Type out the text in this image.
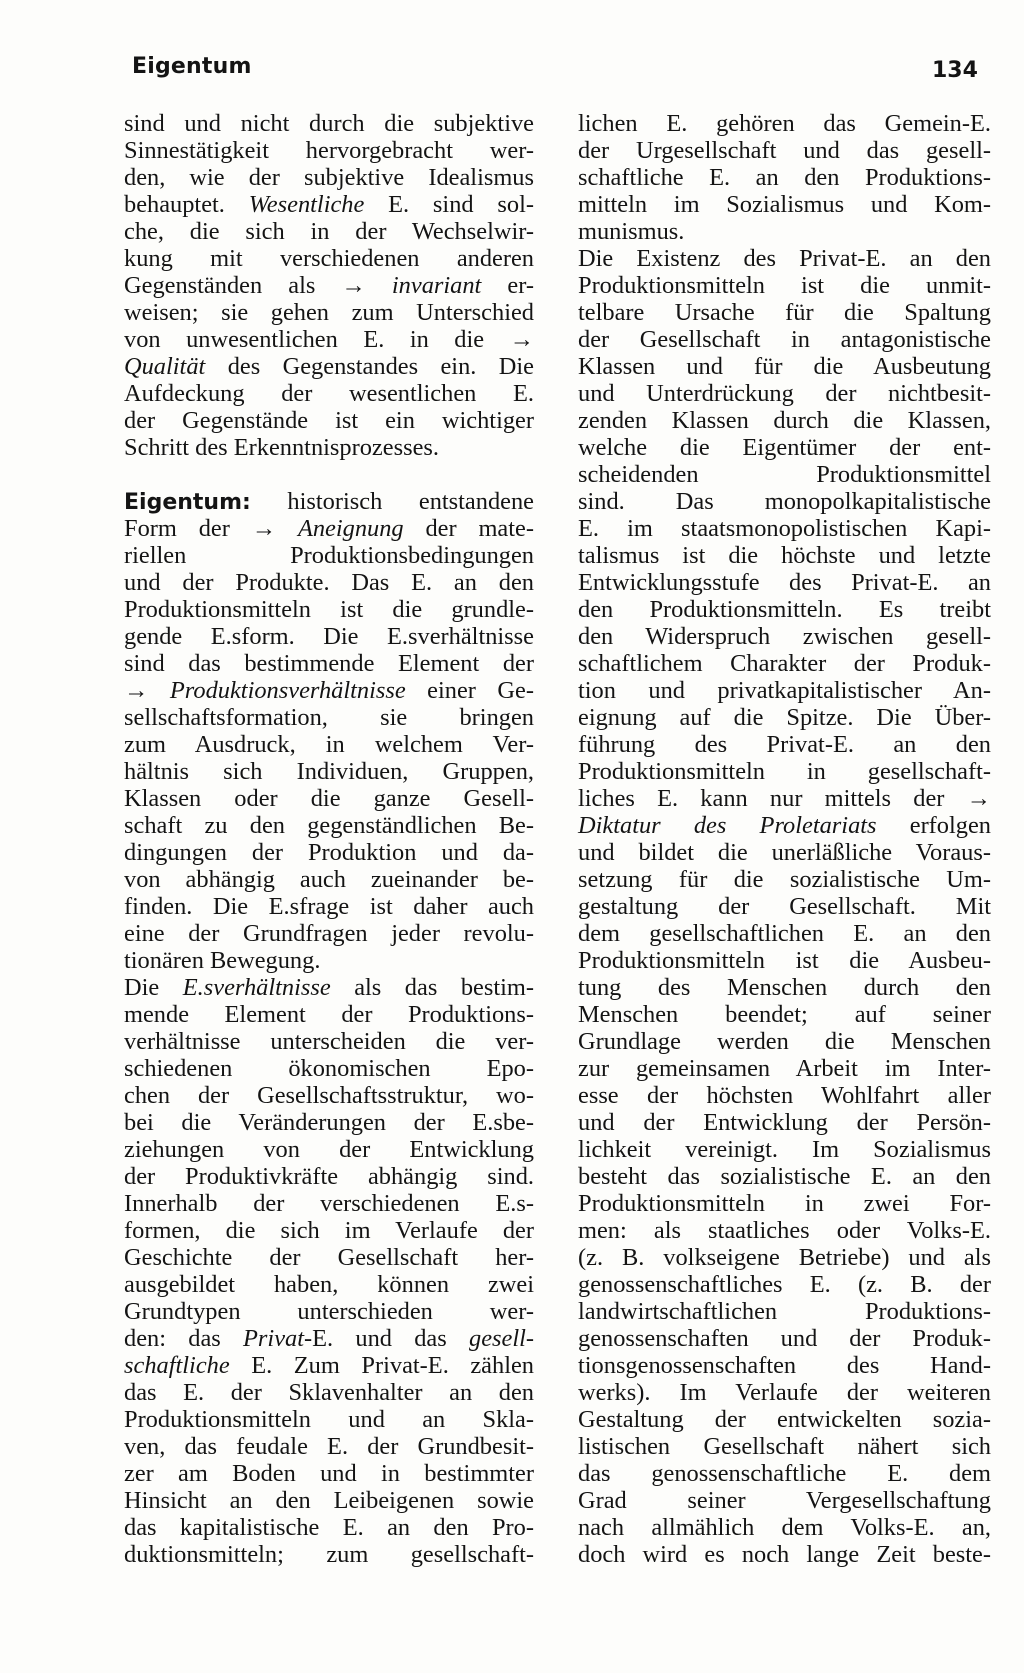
Eigentum	134
sind und nicht durch die subjektive
Sinnestätigkeit hervorgebracht wer-
den, wie der subjektive Idealismus
behauptet. Wesentliche E. sind sol-
che, die sich in der Wechselwir-
kung mit verschiedenen anderen
Gegenständen als → invariant er-
weisen; sie gehen zum Unterschied
von unwesentlichen E. in die →
Qualität des Gegenstandes ein. Die
Aufdeckung der wesentlichen E.
der Gegenstände ist ein wichtiger
Schritt des Erkenntnisprozesses.
Eigentum: historisch entstandene
Form der → Aneignung der mate-
riellen Produktionsbedingungen
und der Produkte. Das E. an den
Produktionsmitteln ist die grundle-
gende E.sform. Die E.sverhältnisse
sind das bestimmende Element der
→ Produktionsverhältnisse einer Ge-
sellschaftsformation, sie bringen
zum Ausdruck, in welchem Ver-
hältnis sich Individuen, Gruppen,
Klassen oder die ganze Gesell-
schaft zu den gegenständlichen Be-
dingungen der Produktion und da-
von abhängig auch zueinander be-
finden. Die E.sfrage ist daher auch
eine der Grundfragen jeder revolu-
tionären Bewegung.
Die E.sverhältnisse als das bestim-
mende Element der Produktions-
verhältnisse unterscheiden die ver-
schiedenen ökonomischen Epo-
chen der Gesellschaftsstruktur, wo-
bei die Veränderungen der E.sbe-
ziehungen von der Entwicklung
der Produktivkräfte abhängig sind.
Innerhalb der verschiedenen E.s-
formen, die sich im Verlaufe der
Geschichte der Gesellschaft her-
ausgebildet haben, können zwei
Grundtypen unterschieden wer-
den: das Privat-E. und das gesell-
schaftliche E. Zum Privat-E. zählen
das E. der Sklavenhalter an den
Produktionsmitteln und an Skla-
ven, das feudale E. der Grundbesit-
zer am Boden und in bestimmter
Hinsicht an den Leibeigenen sowie
das kapitalistische E. an den Pro-
duktionsmitteln; zum gesellschaft-
lichen E. gehören das Gemein-E.
der Urgesellschaft und das gesell-
schaftliche E. an den Produktions-
mitteln im Sozialismus und Kom-
munismus.
Die Existenz des Privat-E. an den
Produktionsmitteln ist die unmit-
telbare Ursache für die Spaltung
der Gesellschaft in antagonistische
Klassen und für die Ausbeutung
und Unterdrückung der nichtbesit-
zenden Klassen durch die Klassen,
welche die Eigentümer der ent-
scheidenden Produktionsmittel
sind. Das monopolkapitalistische
E. im staatsmonopolistischen Kapi-
talismus ist die höchste und letzte
Entwicklungsstufe des Privat-E. an
den Produktionsmitteln. Es treibt
den Widerspruch zwischen gesell-
schaftlichem Charakter der Produk-
tion und privatkapitalistischer An-
eignung auf die Spitze. Die Über-
führung des Privat-E. an den
Produktionsmitteln in gesellschaft-
liches E. kann nur mittels der →
Diktatur des Proletariats erfolgen
und bildet die unerläßliche Voraus-
setzung für die sozialistische Um-
gestaltung der Gesellschaft. Mit
dem gesellschaftlichen E. an den
Produktionsmitteln ist die Ausbeu-
tung des Menschen durch den
Menschen beendet; auf seiner
Grundlage werden die Menschen
zur gemeinsamen Arbeit im Inter-
esse der höchsten Wohlfahrt aller
und der Entwicklung der Persön-
lichkeit vereinigt. Im Sozialismus
besteht das sozialistische E. an den
Produktionsmitteln in zwei For-
men: als staatliches oder Volks-E.
(z. B. volkseigene Betriebe) und als
genossenschaftliches E. (z. B. der
landwirtschaftlichen Produktions-
genossenschaften und der Produk-
tionsgenossenschaften des Hand-
werks). Im Verlaufe der weiteren
Gestaltung der entwickelten sozia-
listischen Gesellschaft nähert sich
das genossenschaftliche E. dem
Grad seiner Vergesellschaftung
nach allmählich dem Volks-E. an,
doch wird es noch lange Zeit beste-
